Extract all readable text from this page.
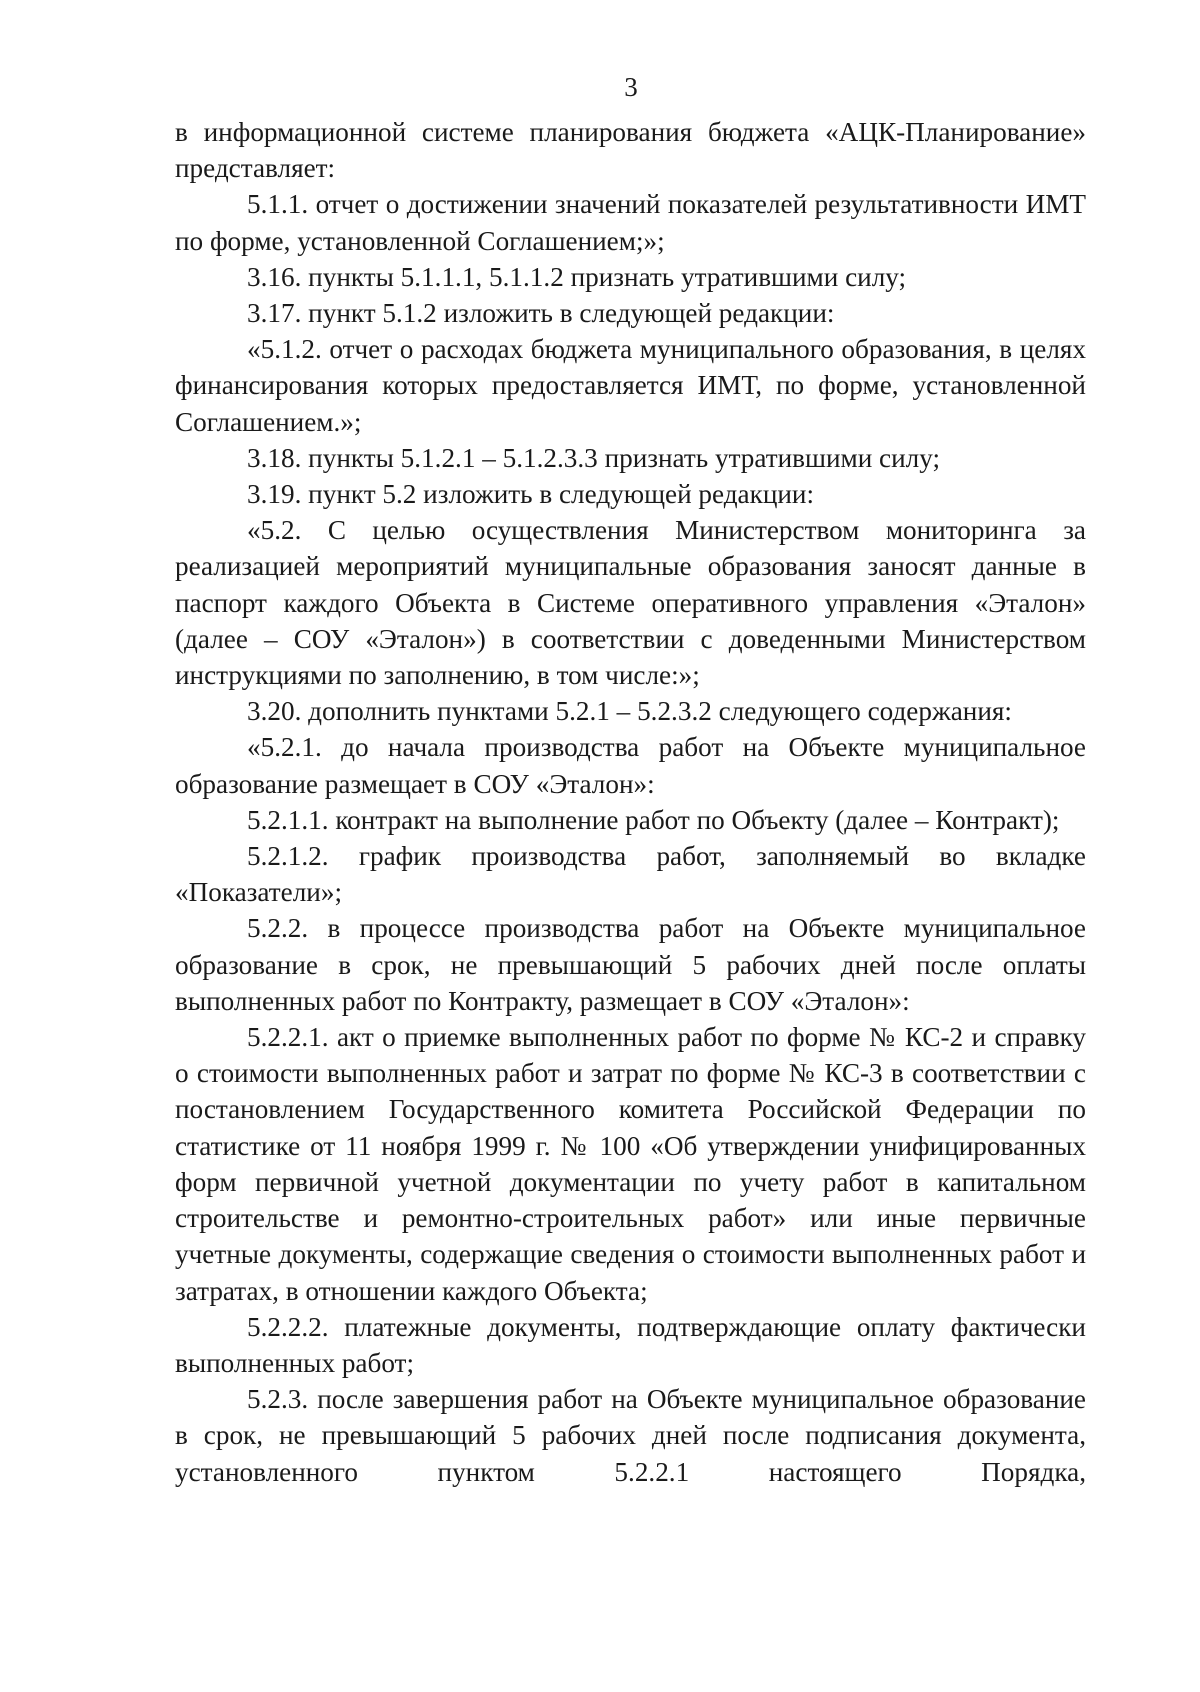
3

в информационной системе планирования бюджета «АЦК-Планирование» представляет:

5.1.1. отчет о достижении значений показателей результативности ИМТ по форме, установленной Соглашением;»;

3.16. пункты 5.1.1.1, 5.1.1.2 признать утратившими силу;

3.17. пункт 5.1.2 изложить в следующей редакции:

«5.1.2. отчет о расходах бюджета муниципального образования, в целях финансирования которых предоставляется ИМТ, по форме, установленной Соглашением.»;

3.18. пункты 5.1.2.1 – 5.1.2.3.3 признать утратившими силу;

3.19. пункт 5.2 изложить в следующей редакции:

«5.2. С целью осуществления Министерством мониторинга за реализацией мероприятий муниципальные образования заносят данные в паспорт каждого Объекта в Системе оперативного управления «Эталон» (далее – СОУ «Эталон») в соответствии с доведенными Министерством инструкциями по заполнению, в том числе:»;

3.20. дополнить пунктами 5.2.1 – 5.2.3.2 следующего содержания:

«5.2.1. до начала производства работ на Объекте муниципальное образование размещает в СОУ «Эталон»:

5.2.1.1. контракт на выполнение работ по Объекту (далее – Контракт);

5.2.1.2. график производства работ, заполняемый во вкладке «Показатели»;

5.2.2. в процессе производства работ на Объекте муниципальное образование в срок, не превышающий 5 рабочих дней после оплаты выполненных работ по Контракту, размещает в СОУ «Эталон»:

5.2.2.1. акт о приемке выполненных работ по форме № КС-2 и справку о стоимости выполненных работ и затрат по форме № КС-3 в соответствии с постановлением Государственного комитета Российской Федерации по статистике от 11 ноября 1999 г. № 100 «Об утверждении унифицированных форм первичной учетной документации по учету работ в капитальном строительстве и ремонтно-строительных работ» или иные первичные учетные документы, содержащие сведения о стоимости выполненных работ и затратах, в отношении каждого Объекта;

5.2.2.2. платежные документы, подтверждающие оплату фактически выполненных работ;

5.2.3. после завершения работ на Объекте муниципальное образование в срок, не превышающий 5 рабочих дней после подписания документа, установленного пунктом 5.2.2.1 настоящего Порядка,
